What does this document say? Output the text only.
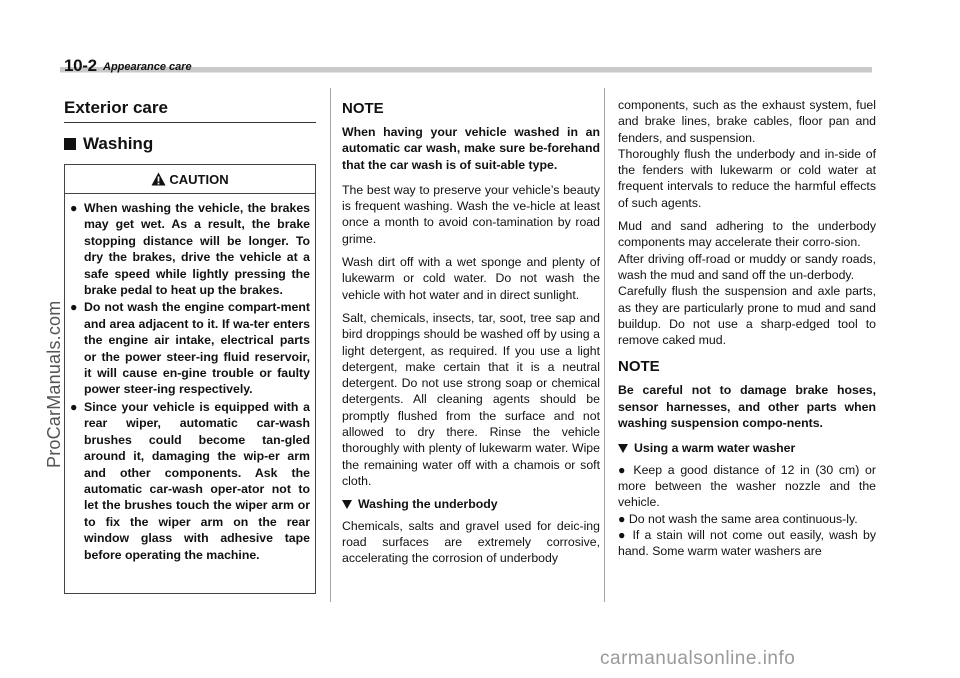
10-2 Appearance care
ProCarManuals.com
carmanualsonline.info
Exterior care
Washing
CAUTION
● When washing the vehicle, the brakes may get wet. As a result, the brake stopping distance will be longer. To dry the brakes, drive the vehicle at a safe speed while lightly pressing the brake pedal to heat up the brakes.
● Do not wash the engine compart-ment and area adjacent to it. If wa-ter enters the engine air intake, electrical parts or the power steer-ing fluid reservoir, it will cause en-gine trouble or faulty power steer-ing respectively.
● Since your vehicle is equipped with a rear wiper, automatic car-wash brushes could become tan-gled around it, damaging the wip-er arm and other components. Ask the automatic car-wash oper-ator not to let the brushes touch the wiper arm or to fix the wiper arm on the rear window glass with adhesive tape before operating the machine.

NOTE

When having your vehicle washed in an automatic car wash, make sure be-forehand that the car wash is of suit-able type.

The best way to preserve your vehicle’s beauty is frequent washing. Wash the ve-hicle at least once a month to avoid con-tamination by road grime.

Wash dirt off with a wet sponge and plenty of lukewarm or cold water. Do not wash the vehicle with hot water and in direct sunlight.

Salt, chemicals, insects, tar, soot, tree sap and bird droppings should be washed off by using a light detergent, as required. If you use a light detergent, make certain that it is a neutral detergent. Do not use strong soap or chemical detergents. All cleaning agents should be promptly flushed from the surface and not allowed to dry there. Rinse the vehicle thoroughly with plenty of lukewarm water. Wipe the remaining water off with a chamois or soft cloth.

Washing the underbody

Chemicals, salts and gravel used for deic-ing road surfaces are extremely corrosive, accelerating the corrosion of underbody

components, such as the exhaust system, fuel and brake lines, brake cables, floor pan and fenders, and suspension.

Thoroughly flush the underbody and in-side of the fenders with lukewarm or cold water at frequent intervals to reduce the harmful effects of such agents.

Mud and sand adhering to the underbody components may accelerate their corro-sion.

After driving off-road or muddy or sandy roads, wash the mud and sand off the un-derbody.

Carefully flush the suspension and axle parts, as they are particularly prone to mud and sand buildup. Do not use a sharp-edged tool to remove caked mud.

NOTE

Be careful not to damage brake hoses, sensor harnesses, and other parts when washing suspension compo-nents.

Using a warm water washer

● Keep a good distance of 12 in (30 cm) or more between the washer nozzle and the vehicle.

● Do not wash the same area continuous-ly.

● If a stain will not come out easily, wash by hand. Some warm water washers are
